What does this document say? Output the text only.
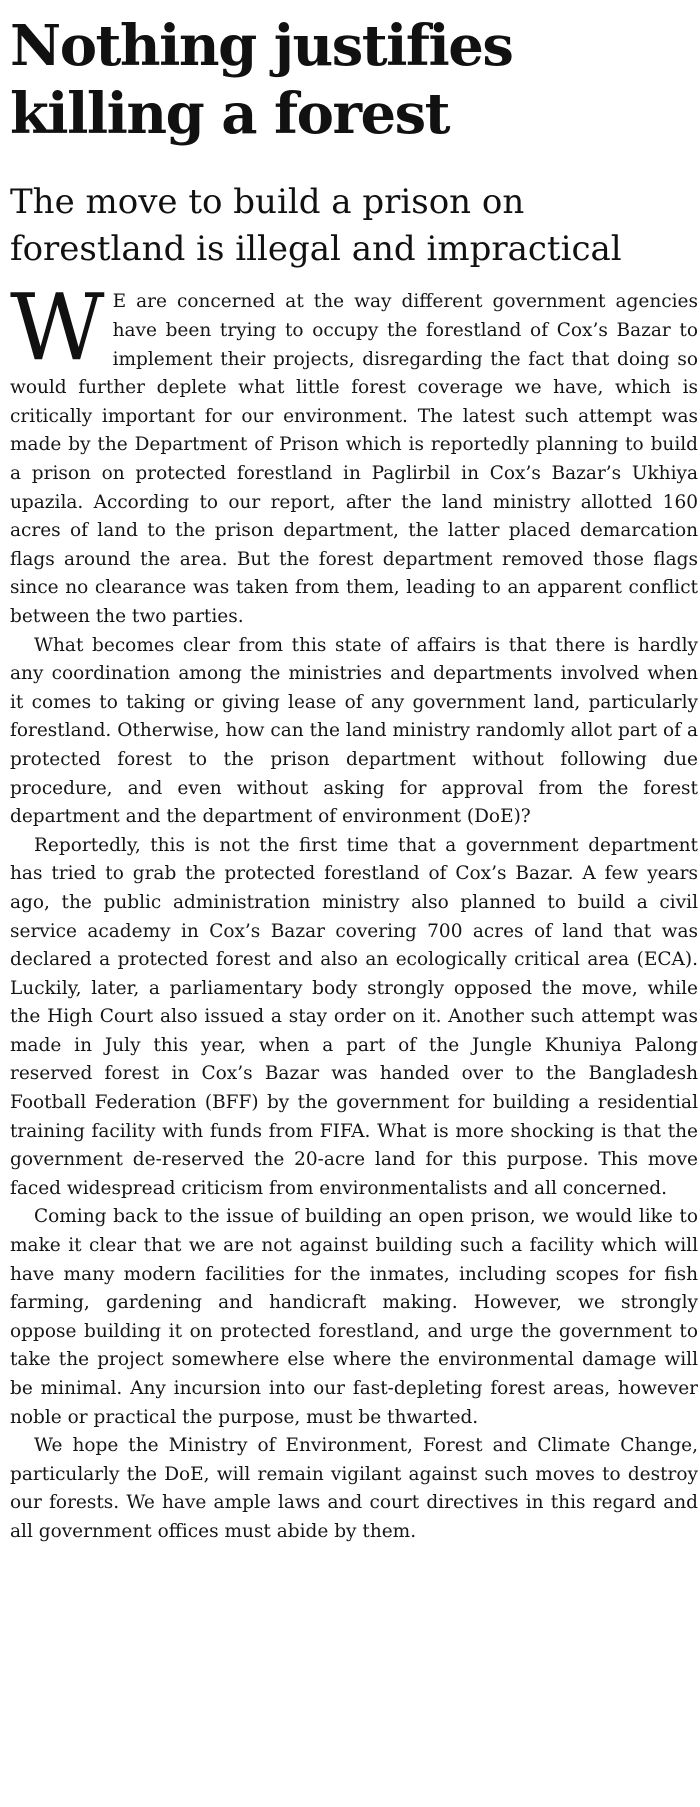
Nothing justifies killing a forest
The move to build a prison on forestland is illegal and impractical

W E are concerned at the way different government agencies have been trying to occupy the forestland of Cox’s Bazar to implement their projects, disregarding the fact that doing so would further deplete what little forest coverage we have, which is critically important for our environment. The latest such attempt was made by the Department of Prison which is reportedly planning to build a prison on protected forestland in Paglirbil in Cox’s Bazar’s Ukhiya upazila. According to our report, after the land ministry allotted 160 acres of land to the prison department, the latter placed demarcation flags around the area. But the forest department removed those flags since no clearance was taken from them, leading to an apparent conflict between the two parties.

What becomes clear from this state of affairs is that there is hardly any coordination among the ministries and departments involved when it comes to taking or giving lease of any government land, particularly forestland. Otherwise, how can the land ministry randomly allot part of a protected forest to the prison department without following due procedure, and even without asking for approval from the forest department and the department of environment (DoE)?

Reportedly, this is not the first time that a government department has tried to grab the protected forestland of Cox’s Bazar. A few years ago, the public administration ministry also planned to build a civil service academy in Cox’s Bazar covering 700 acres of land that was declared a protected forest and also an ecologically critical area (ECA). Luckily, later, a parliamentary body strongly opposed the move, while the High Court also issued a stay order on it. Another such attempt was made in July this year, when a part of the Jungle Khuniya Palong reserved forest in Cox’s Bazar was handed over to the Bangladesh Football Federation (BFF) by the government for building a residential training facility with funds from FIFA. What is more shocking is that the government de-reserved the 20-acre land for this purpose. This move faced widespread criticism from environmentalists and all concerned.

Coming back to the issue of building an open prison, we would like to make it clear that we are not against building such a facility which will have many modern facilities for the inmates, including scopes for fish farming, gardening and handicraft making. However, we strongly oppose building it on protected forestland, and urge the government to take the project somewhere else where the environmental damage will be minimal. Any incursion into our fast-depleting forest areas, however noble or practical the purpose, must be thwarted.

We hope the Ministry of Environment, Forest and Climate Change, particularly the DoE, will remain vigilant against such moves to destroy our forests. We have ample laws and court directives in this regard and all government offices must abide by them.
